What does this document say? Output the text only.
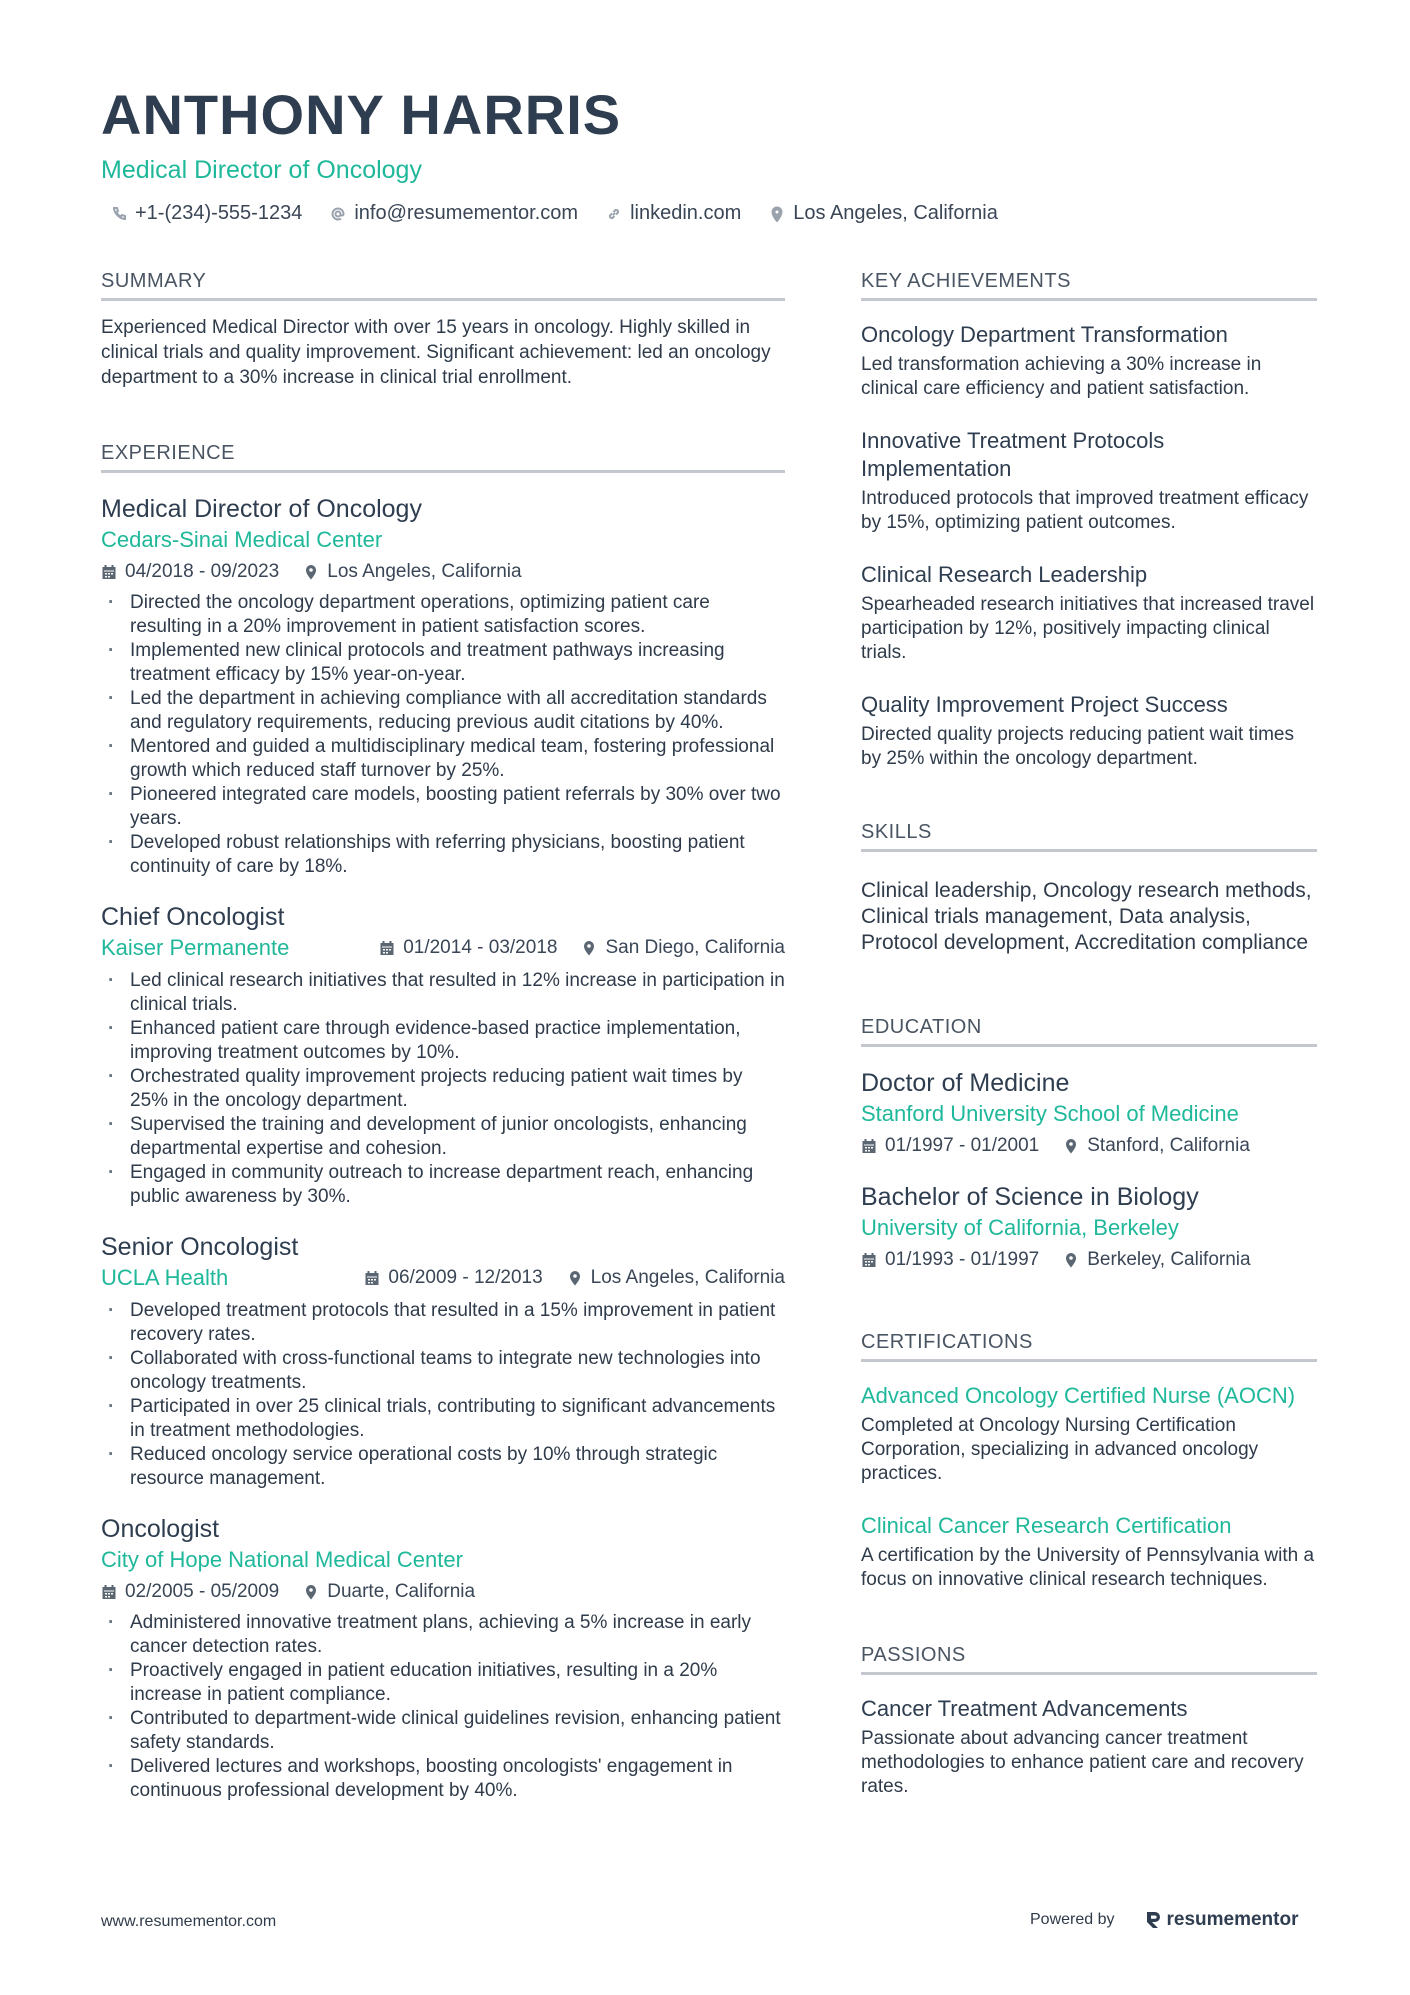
ANTHONY HARRIS
Medical Director of Oncology
+1-(234)-555-1234	info@resumementor.com	linkedin.com	Los Angeles, California
SUMMARY
Experienced Medical Director with over 15 years in oncology. Highly skilled in clinical trials and quality improvement. Significant achievement: led an oncology department to a 30% increase in clinical trial enrollment.
EXPERIENCE
Medical Director of Oncology
Cedars-Sinai Medical Center
04/2018 - 09/2023	Los Angeles, California
· Directed the oncology department operations, optimizing patient care resulting in a 20% improvement in patient satisfaction scores.
· Implemented new clinical protocols and treatment pathways increasing treatment efficacy by 15% year-on-year.
· Led the department in achieving compliance with all accreditation standards and regulatory requirements, reducing previous audit citations by 40%.
· Mentored and guided a multidisciplinary medical team, fostering professional growth which reduced staff turnover by 25%.
· Pioneered integrated care models, boosting patient referrals by 30% over two years.
· Developed robust relationships with referring physicians, boosting patient continuity of care by 18%.
Chief Oncologist
Kaiser Permanente	01/2014 - 03/2018	San Diego, California
· Led clinical research initiatives that resulted in 12% increase in participation in clinical trials.
· Enhanced patient care through evidence-based practice implementation, improving treatment outcomes by 10%.
· Orchestrated quality improvement projects reducing patient wait times by 25% in the oncology department.
· Supervised the training and development of junior oncologists, enhancing departmental expertise and cohesion.
· Engaged in community outreach to increase department reach, enhancing public awareness by 30%.
Senior Oncologist
UCLA Health	06/2009 - 12/2013	Los Angeles, California
· Developed treatment protocols that resulted in a 15% improvement in patient recovery rates.
· Collaborated with cross-functional teams to integrate new technologies into oncology treatments.
· Participated in over 25 clinical trials, contributing to significant advancements in treatment methodologies.
· Reduced oncology service operational costs by 10% through strategic resource management.
Oncologist
City of Hope National Medical Center
02/2005 - 05/2009	Duarte, California
· Administered innovative treatment plans, achieving a 5% increase in early cancer detection rates.
· Proactively engaged in patient education initiatives, resulting in a 20% increase in patient compliance.
· Contributed to department-wide clinical guidelines revision, enhancing patient safety standards.
· Delivered lectures and workshops, boosting oncologists' engagement in continuous professional development by 40%.
KEY ACHIEVEMENTS
Oncology Department Transformation
Led transformation achieving a 30% increase in clinical care efficiency and patient satisfaction.
Innovative Treatment Protocols Implementation
Introduced protocols that improved treatment efficacy by 15%, optimizing patient outcomes.
Clinical Research Leadership
Spearheaded research initiatives that increased travel participation by 12%, positively impacting clinical trials.
Quality Improvement Project Success
Directed quality projects reducing patient wait times by 25% within the oncology department.
SKILLS
Clinical leadership, Oncology research methods, Clinical trials management, Data analysis, Protocol development, Accreditation compliance
EDUCATION
Doctor of Medicine
Stanford University School of Medicine
01/1997 - 01/2001	Stanford, California
Bachelor of Science in Biology
University of California, Berkeley
01/1993 - 01/1997	Berkeley, California
CERTIFICATIONS
Advanced Oncology Certified Nurse (AOCN)
Completed at Oncology Nursing Certification Corporation, specializing in advanced oncology practices.
Clinical Cancer Research Certification
A certification by the University of Pennsylvania with a focus on innovative clinical research techniques.
PASSIONS
Cancer Treatment Advancements
Passionate about advancing cancer treatment methodologies to enhance patient care and recovery rates.
www.resumementor.com	Powered by	resumementor
